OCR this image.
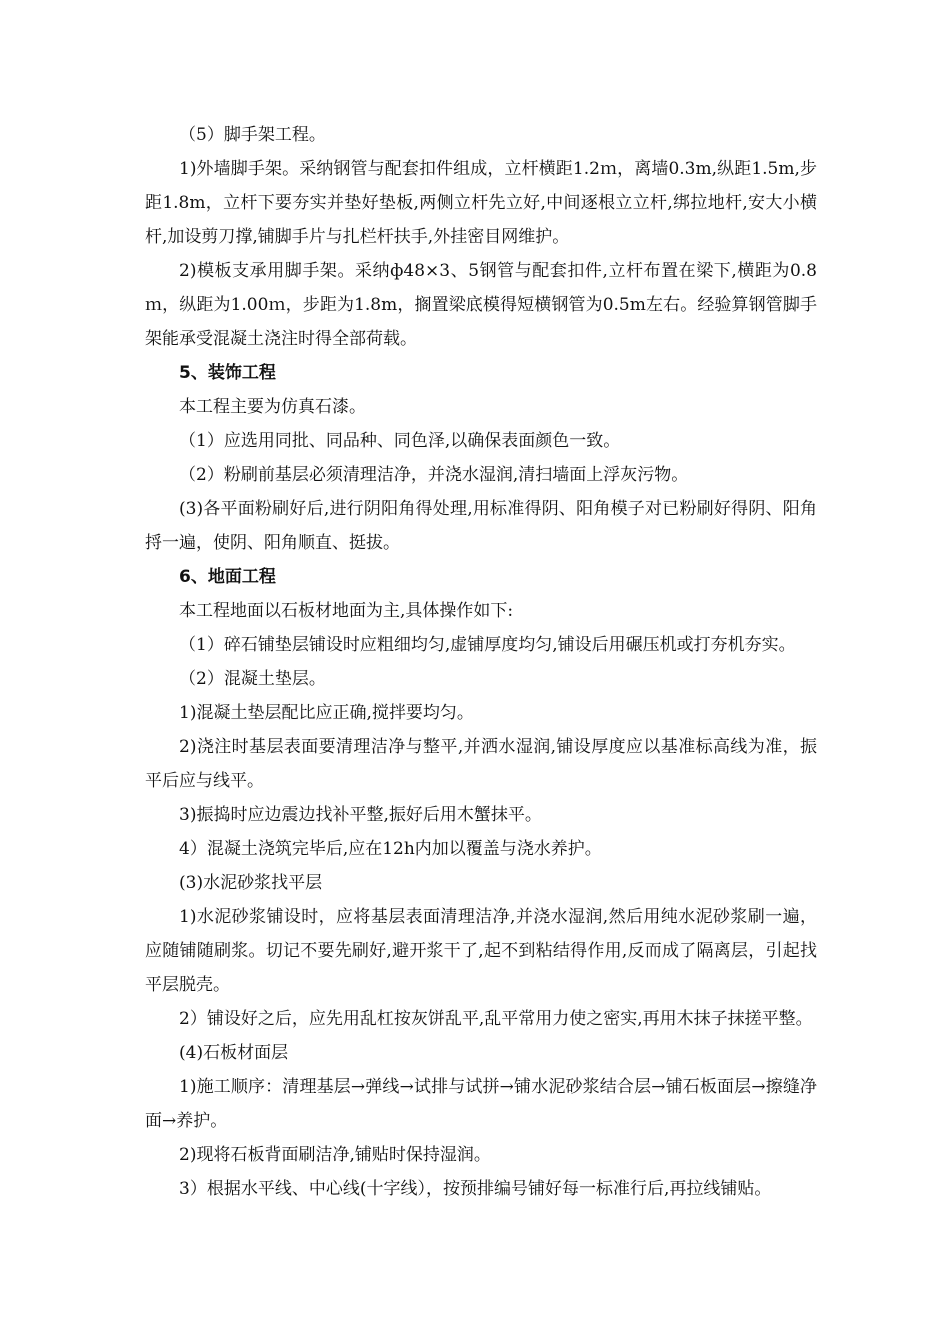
（5）脚手架工程。

1)外墙脚手架。采纳钢管与配套扣件组成，立杆横距1.2ｍ，离墙0.3m,纵距1.5m,步距1.8m，立杆下要夯实并垫好垫板,两侧立杆先立好,中间逐根立立杆,绑拉地杆,安大小横杆,加设剪刀撑,铺脚手片与扎栏杆扶手,外挂密目网维护。

2)模板支承用脚手架。采纳ф48×3、5钢管与配套扣件,立杆布置在梁下,横距为0.8ｍ，纵距为1.00ｍ，步距为1.8m，搁置梁底模得短横钢管为0.5m左右。经验算钢管脚手架能承受混凝土浇注时得全部荷载。

5、装饰工程

本工程主要为仿真石漆。

（1）应选用同批、同品种、同色泽,以确保表面颜色一致。

（2）粉刷前基层必须清理洁净，并浇水湿润,清扫墙面上浮灰污物。

(3)各平面粉刷好后,进行阴阳角得处理,用标准得阴、阳角模子对已粉刷好得阴、阳角捋一遍，使阴、阳角顺直、挺拔。

6、地面工程

本工程地面以石板材地面为主,具体操作如下:

（1）碎石铺垫层铺设时应粗细均匀,虚铺厚度均匀,铺设后用碾压机或打夯机夯实。

（2）混凝土垫层。

1)混凝土垫层配比应正确,搅拌要均匀。

2)浇注时基层表面要清理洁净与整平,并洒水湿润,铺设厚度应以基准标高线为准，振平后应与线平。

3)振捣时应边震边找补平整,振好后用木蟹抹平。

4）混凝土浇筑完毕后,应在12h内加以覆盖与浇水养护。

(3)水泥砂浆找平层

1)水泥砂浆铺设时，应将基层表面清理洁净,并浇水湿润,然后用纯水泥砂浆刷一遍，应随铺随刷浆。切记不要先刷好,避开浆干了,起不到粘结得作用,反而成了隔离层，引起找平层脱壳。

2）铺设好之后，应先用乱杠按灰饼乱平,乱平常用力使之密实,再用木抹子抹搓平整。

(4)石板材面层

1)施工顺序：清理基层→弹线→试排与试拼→铺水泥砂浆结合层→铺石板面层→擦缝净面→养护。

2)现将石板背面刷洁净,铺贴时保持湿润。

3）根据水平线、中心线(十字线），按预排编号铺好每一标准行后,再拉线铺贴。
